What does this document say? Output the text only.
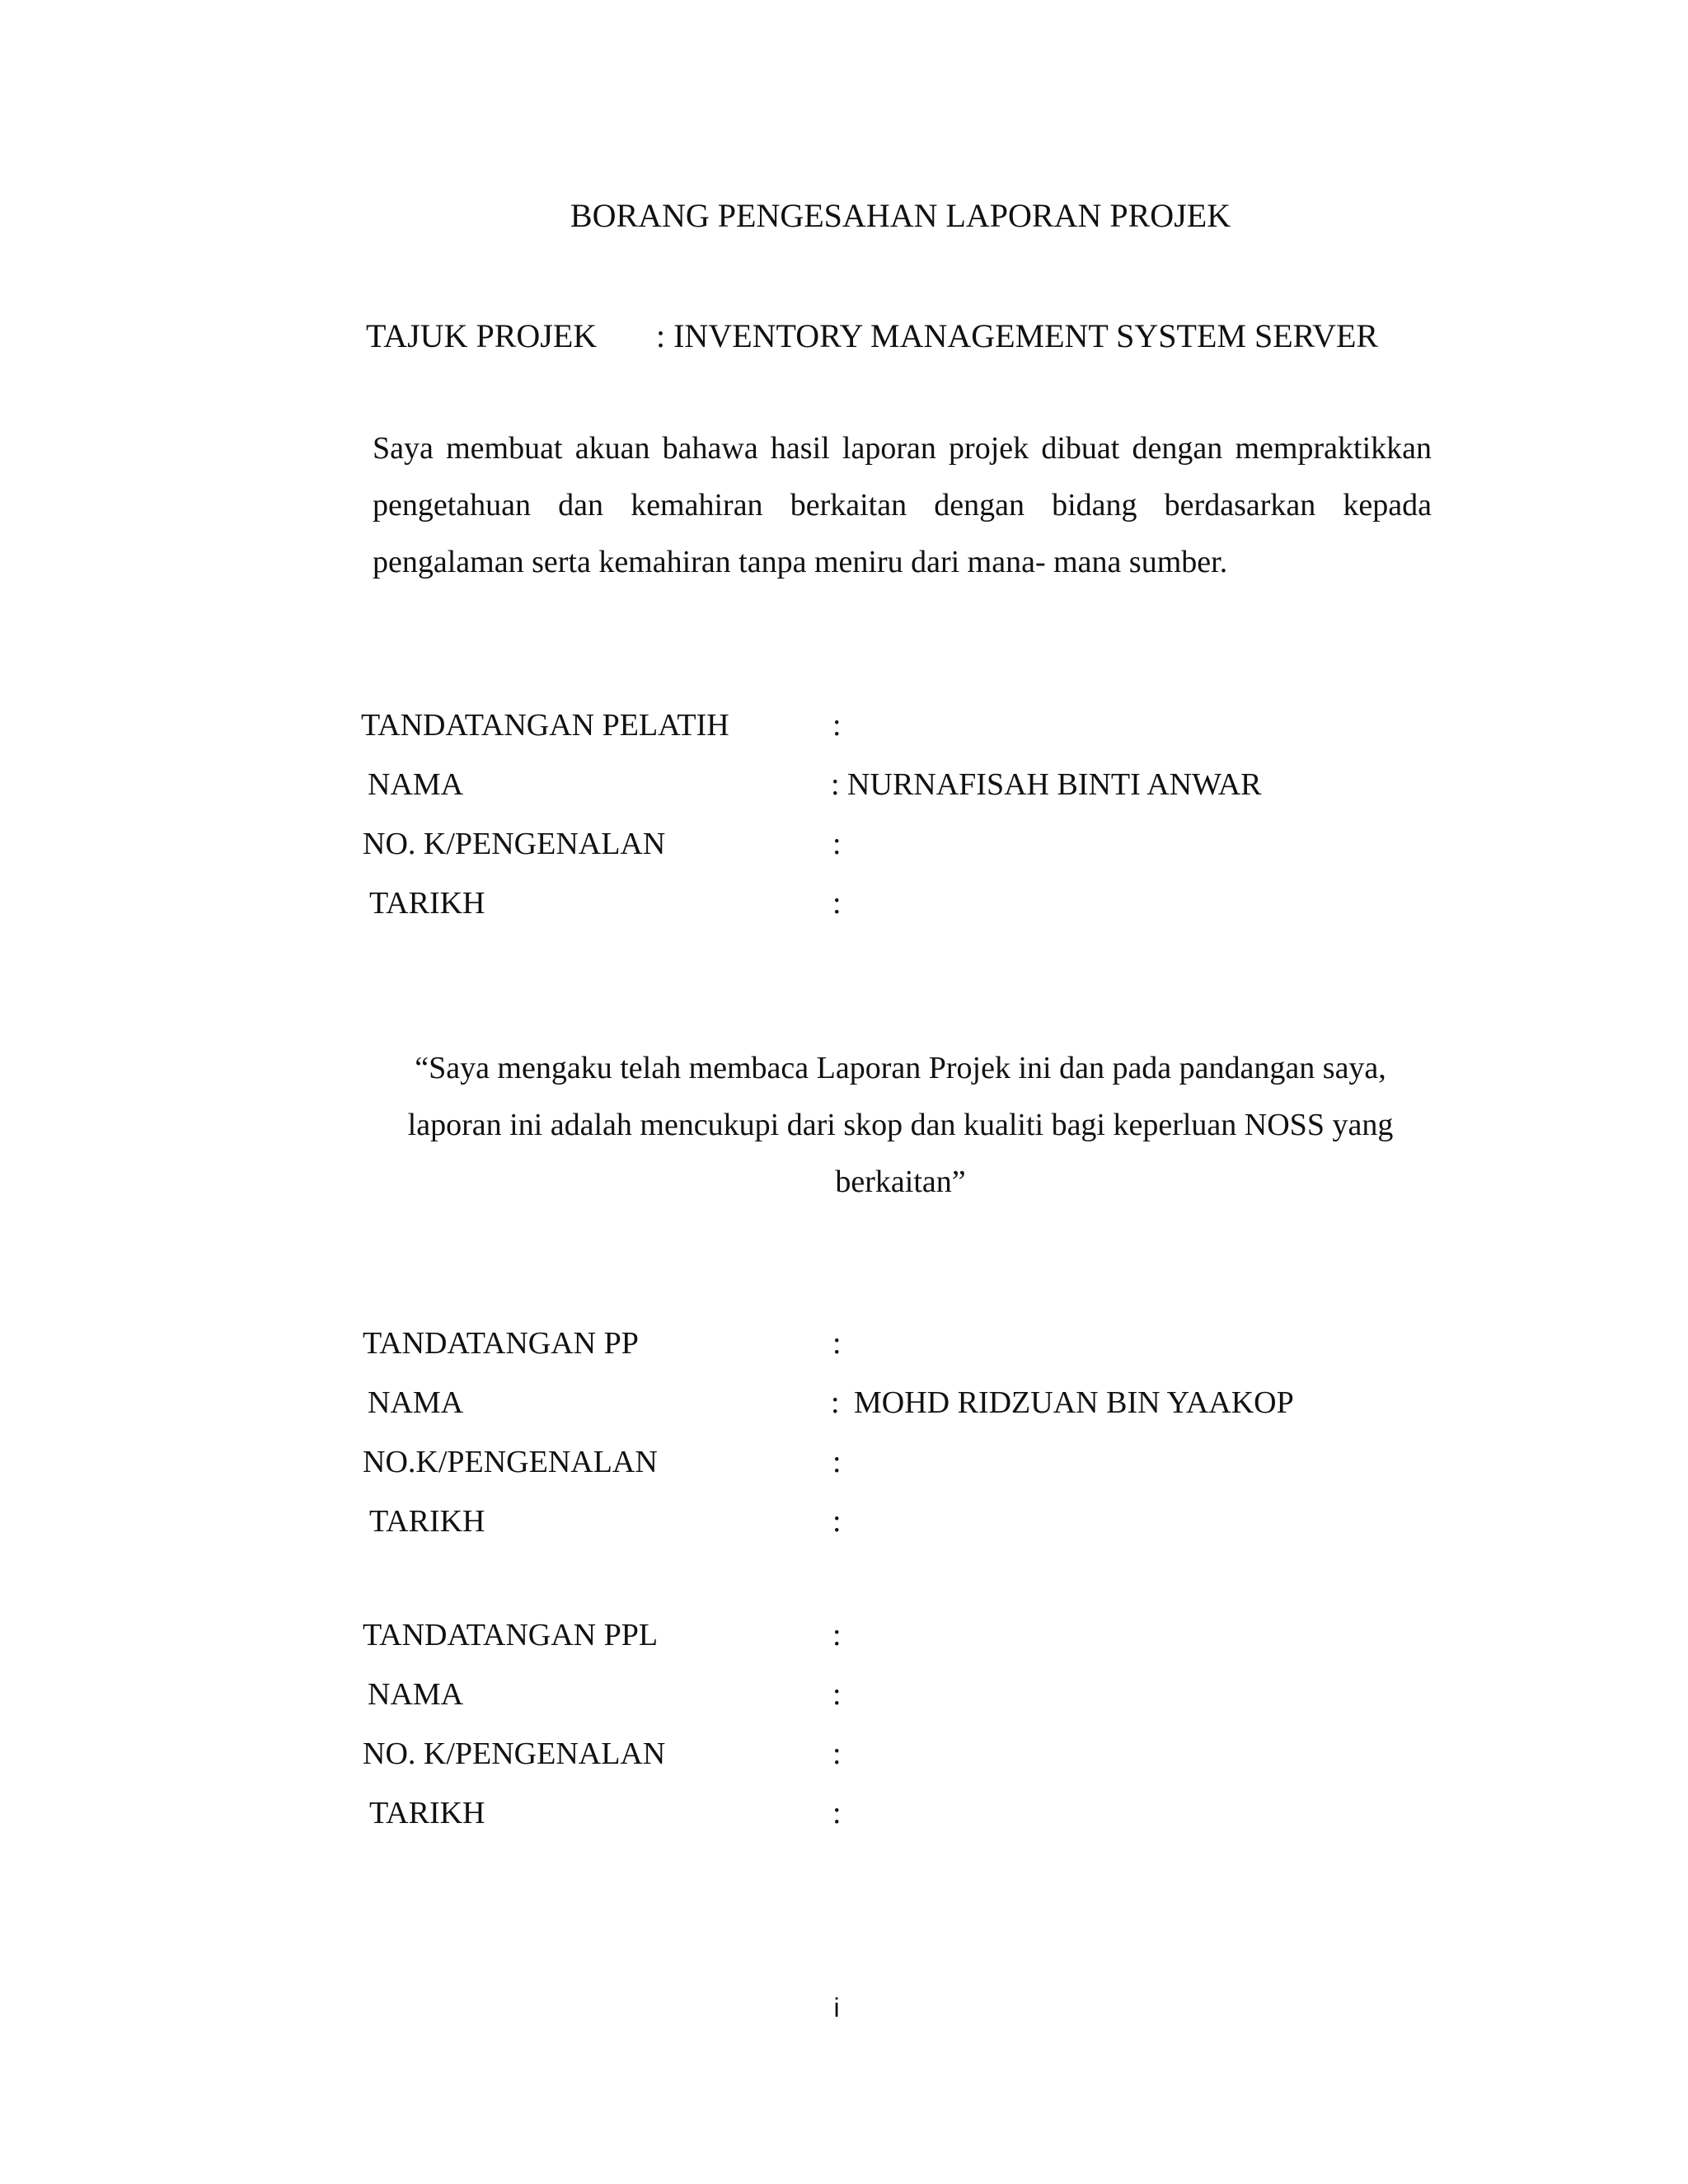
BORANG PENGESAHAN LAPORAN PROJEK
TAJUK PROJEK : INVENTORY MANAGEMENT SYSTEM SERVER
Saya membuat akuan bahawa hasil laporan projek dibuat dengan mempraktikkan
pengetahuan dan kemahiran berkaitan dengan bidang berdasarkan kepada
pengalaman serta kemahiran tanpa meniru dari mana- mana sumber.
TANDATANGAN PELATIH	:
NAMA	: NURNAFISAH BINTI ANWAR
NO. K/PENGENALAN	:
TARIKH	:
“Saya mengaku telah membaca Laporan Projek ini dan pada pandangan saya,
laporan ini adalah mencukupi dari skop dan kualiti bagi keperluan NOSS yang
berkaitan”
TANDATANGAN PP	:
NAMA	: MOHD RIDZUAN BIN YAAKOP
NO.K/PENGENALAN	:
TARIKH	:
TANDATANGAN PPL	:
NAMA	:
NO. K/PENGENALAN	:
TARIKH	:
i
